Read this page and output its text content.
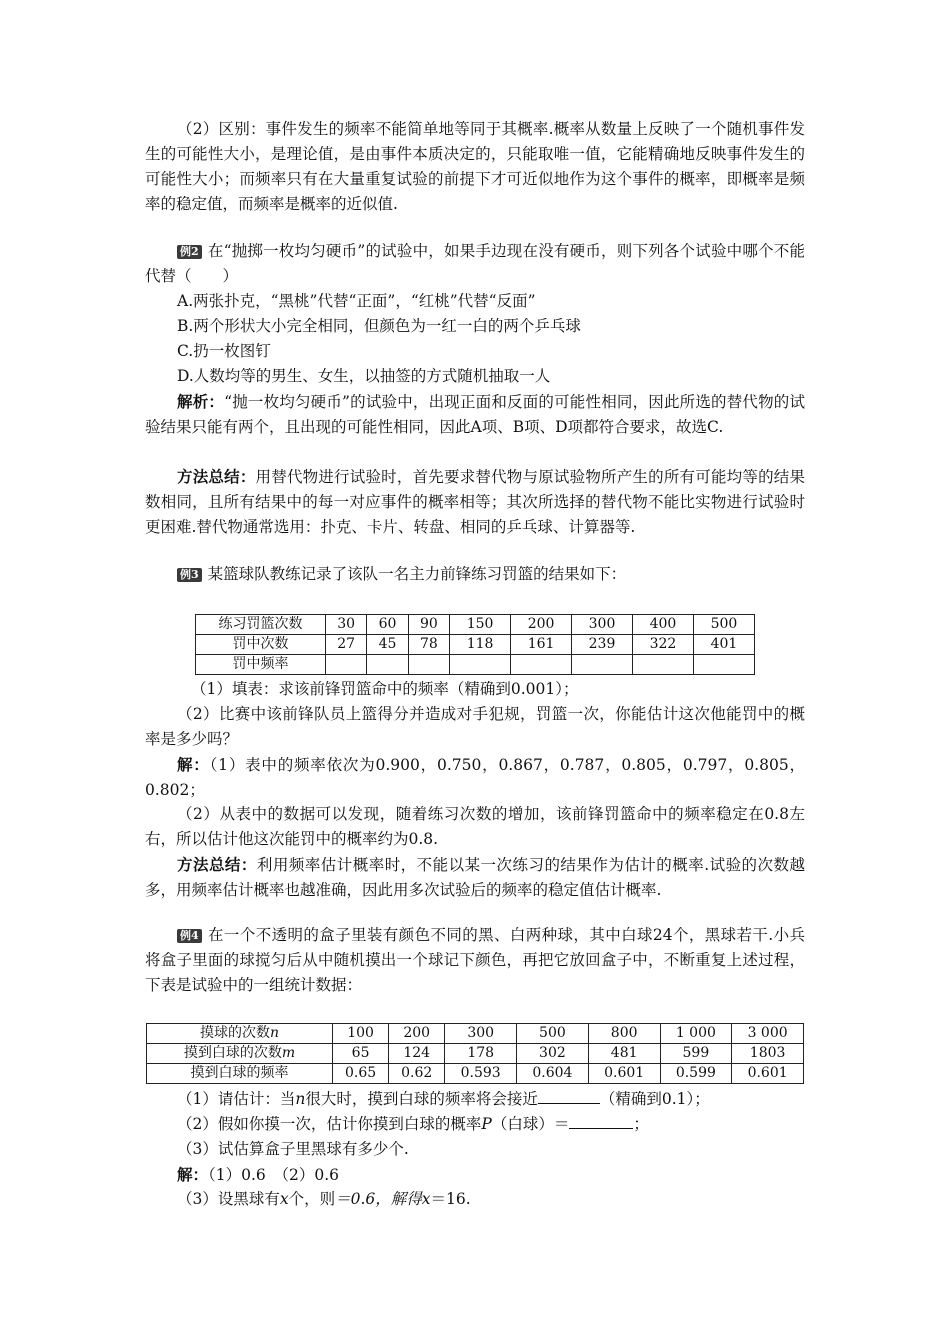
（2）区别：事件发生的频率不能简单地等同于其概率.概率从数量上反映了一个随机事件发生的可能性大小，是理论值，是由事件本质决定的，只能取唯一值，它能精确地反映事件发生的可能性大小；而频率只有在大量重复试验的前提下才可近似地作为这个事件的概率，即概率是频率的稳定值，而频率是概率的近似值.

例2 在“抛掷一枚均匀硬币”的试验中，如果手边现在没有硬币，则下列各个试验中哪个不能代替（　　）

A.两张扑克，“黑桃”代替“正面”，“红桃”代替“反面”

B.两个形状大小完全相同，但颜色为一红一白的两个乒乓球

C.扔一枚图钉

D.人数均等的男生、女生，以抽签的方式随机抽取一人

解析：“抛一枚均匀硬币”的试验中，出现正面和反面的可能性相同，因此所选的替代物的试验结果只能有两个，且出现的可能性相同，因此A项、B项、D项都符合要求，故选C.

方法总结：用替代物进行试验时，首先要求替代物与原试验物所产生的所有可能均等的结果数相同，且所有结果中的每一对应事件的概率相等；其次所选择的替代物不能比实物进行试验时更困难.替代物通常选用：扑克、卡片、转盘、相同的乒乓球、计算器等.

例3 某篮球队教练记录了该队一名主力前锋练习罚篮的结果如下：

练习罚篮次数	30	60	90	150	200	300	400	500
罚中次数	27	45	78	118	161	239	322	401
罚中频率								

（1）填表：求该前锋罚篮命中的频率（精确到0.001）；

（2）比赛中该前锋队员上篮得分并造成对手犯规，罚篮一次，你能估计这次他能罚中的概率是多少吗？

解：（1）表中的频率依次为0.900，0.750，0.867，0.787，0.805，0.797，0.805，0.802；

（2）从表中的数据可以发现，随着练习次数的增加，该前锋罚篮命中的频率稳定在0.8左右，所以估计他这次能罚中的概率约为0.8.

方法总结：利用频率估计概率时，不能以某一次练习的结果作为估计的概率.试验的次数越多，用频率估计概率也越准确，因此用多次试验后的频率的稳定值估计概率.

例4 在一个不透明的盒子里装有颜色不同的黑、白两种球，其中白球24个，黑球若干.小兵将盒子里面的球搅匀后从中随机摸出一个球记下颜色，再把它放回盒子中，不断重复上述过程，下表是试验中的一组统计数据：

摸球的次数n	100	200	300	500	800	1 000	3 000
摸到白球的次数m	65	124	178	302	481	599	1803
摸到白球的频率	0.65	0.62	0.593	0.604	0.601	0.599	0.601

（1）请估计：当n很大时，摸到白球的频率将会接近	（精确到0.1）；

（2）假如你摸一次，估计你摸到白球的概率P（白球）＝	；

（3）试估算盒子里黑球有多少个.

解：（1）0.6　（2）0.6

（3）设黑球有x个，则＝0.6，解得x＝16.
